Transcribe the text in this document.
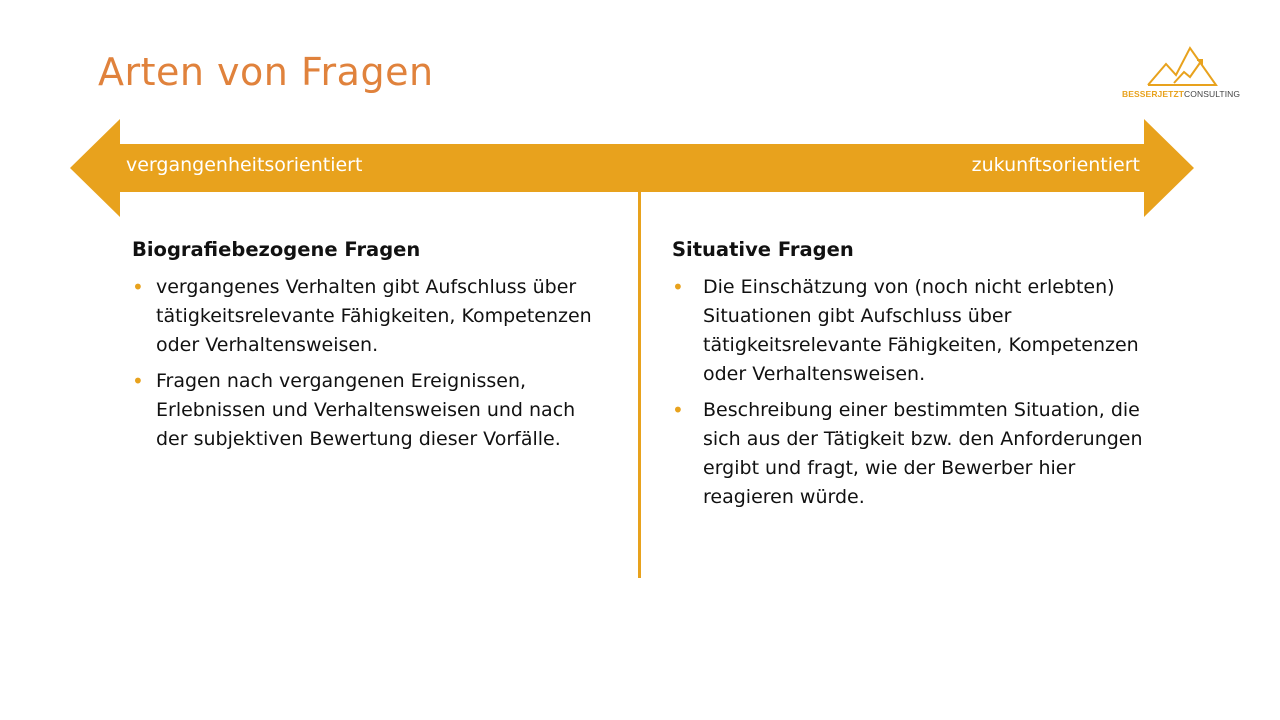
Arten von Fragen	BESSERJETZTCONSULTING
vergangenheitsorientiert	zukunftsorientiert
Biografiebezogene Fragen
• vergangenes Verhalten gibt Aufschluss über tätigkeitsrelevante Fähigkeiten, Kompetenzen oder Verhaltensweisen.
• Fragen nach vergangenen Ereignissen, Erlebnissen und Verhaltensweisen und nach der subjektiven Bewertung dieser Vorfälle.
Situative Fragen
• Die Einschätzung von (noch nicht erlebten) Situationen gibt Aufschluss über tätigkeitsrelevante Fähigkeiten, Kompetenzen oder Verhaltensweisen.
• Beschreibung einer bestimmten Situation, die sich aus der Tätigkeit bzw. den Anforderungen ergibt und fragt, wie der Bewerber hier reagieren würde.
